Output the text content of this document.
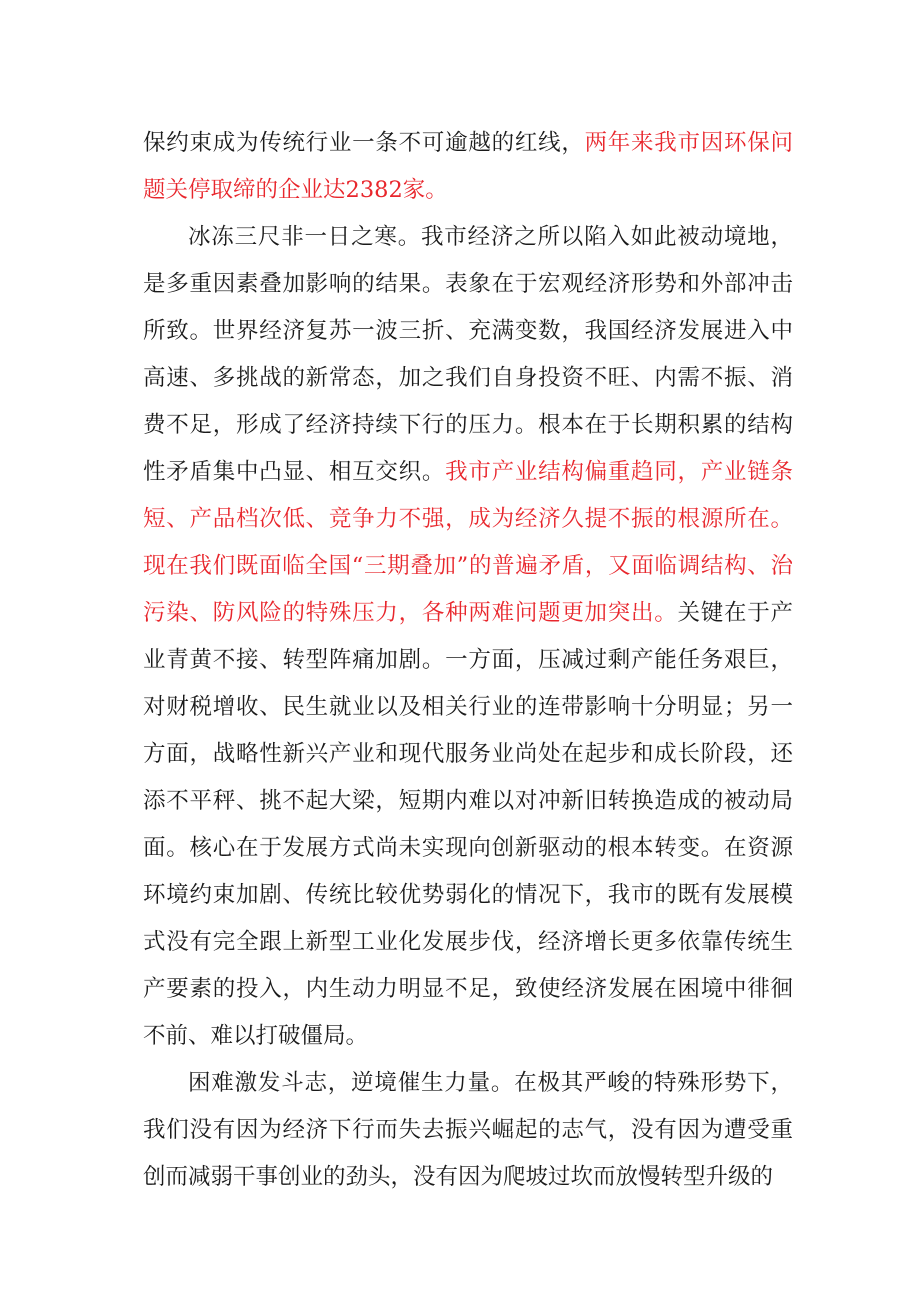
保约束成为传统行业一条不可逾越的红线，两年来我市因环保问题关停取缔的企业达2382家。

冰冻三尺非一日之寒。我市经济之所以陷入如此被动境地，是多重因素叠加影响的结果。表象在于宏观经济形势和外部冲击所致。世界经济复苏一波三折、充满变数，我国经济发展进入中高速、多挑战的新常态，加之我们自身投资不旺、内需不振、消费不足，形成了经济持续下行的压力。根本在于长期积累的结构性矛盾集中凸显、相互交织。我市产业结构偏重趋同，产业链条短、产品档次低、竞争力不强，成为经济久提不振的根源所在。现在我们既面临全国“三期叠加”的普遍矛盾，又面临调结构、治污染、防风险的特殊压力，各种两难问题更加突出。关键在于产业青黄不接、转型阵痛加剧。一方面，压减过剩产能任务艰巨，对财税增收、民生就业以及相关行业的连带影响十分明显；另一方面，战略性新兴产业和现代服务业尚处在起步和成长阶段，还添不平秤、挑不起大梁，短期内难以对冲新旧转换造成的被动局面。核心在于发展方式尚未实现向创新驱动的根本转变。在资源环境约束加剧、传统比较优势弱化的情况下，我市的既有发展模式没有完全跟上新型工业化发展步伐，经济增长更多依靠传统生产要素的投入，内生动力明显不足，致使经济发展在困境中徘徊不前、难以打破僵局。

困难激发斗志，逆境催生力量。在极其严峻的特殊形势下，我们没有因为经济下行而失去振兴崛起的志气，没有因为遭受重创而减弱干事创业的劲头，没有因为爬坡过坎而放慢转型升级的
